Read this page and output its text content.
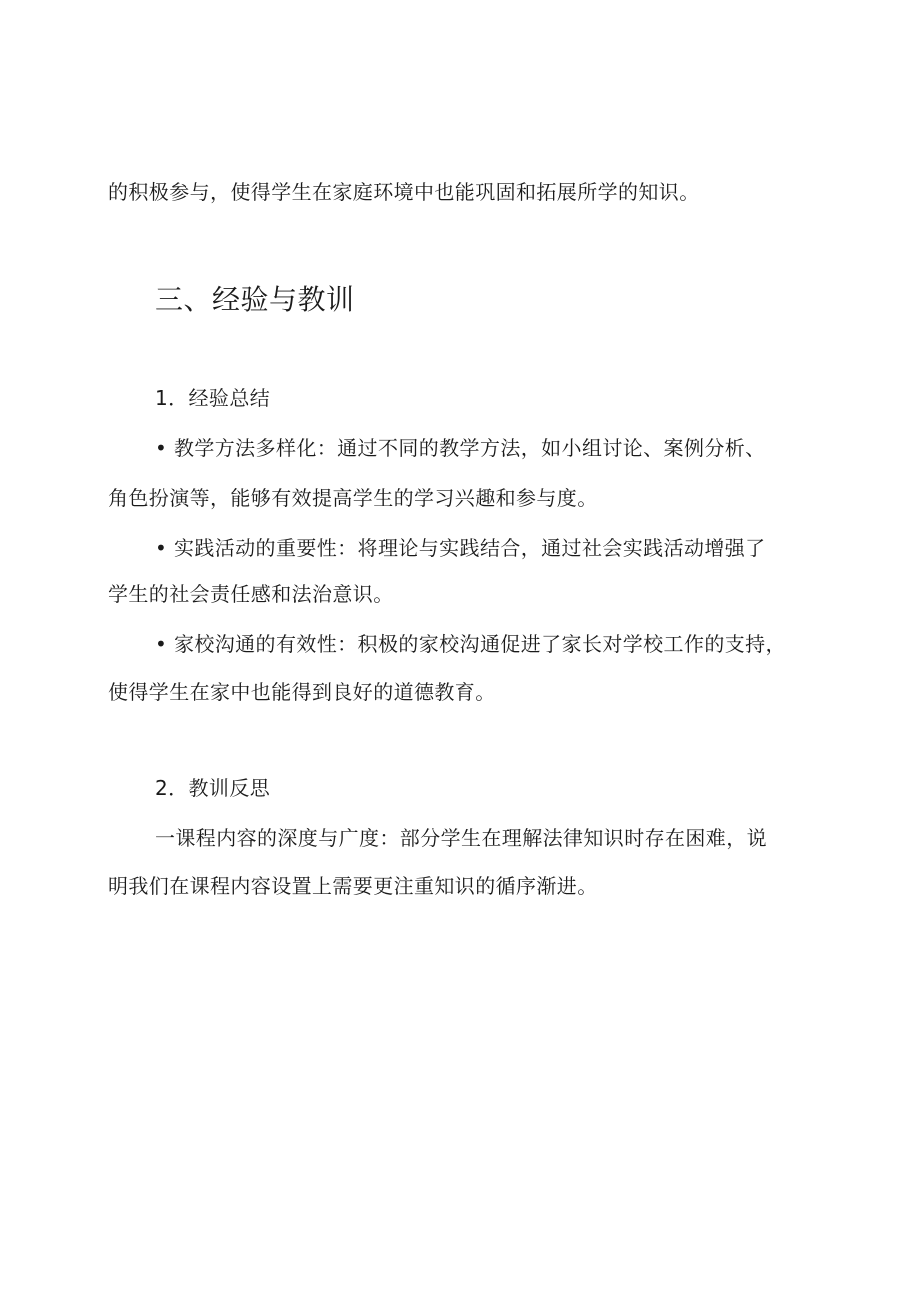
的积极参与，使得学生在家庭环境中也能巩固和拓展所学的知识。
三、经验与教训
1．经验总结
• 教学方法多样化：通过不同的教学方法，如小组讨论、案例分析、
角色扮演等，能够有效提高学生的学习兴趣和参与度。
• 实践活动的重要性：将理论与实践结合，通过社会实践活动增强了
学生的社会责任感和法治意识。
• 家校沟通的有效性：积极的家校沟通促进了家长对学校工作的支持，
使得学生在家中也能得到良好的道德教育。
2．教训反思
一课程内容的深度与广度：部分学生在理解法律知识时存在困难，说
明我们在课程内容设置上需要更注重知识的循序渐进。
